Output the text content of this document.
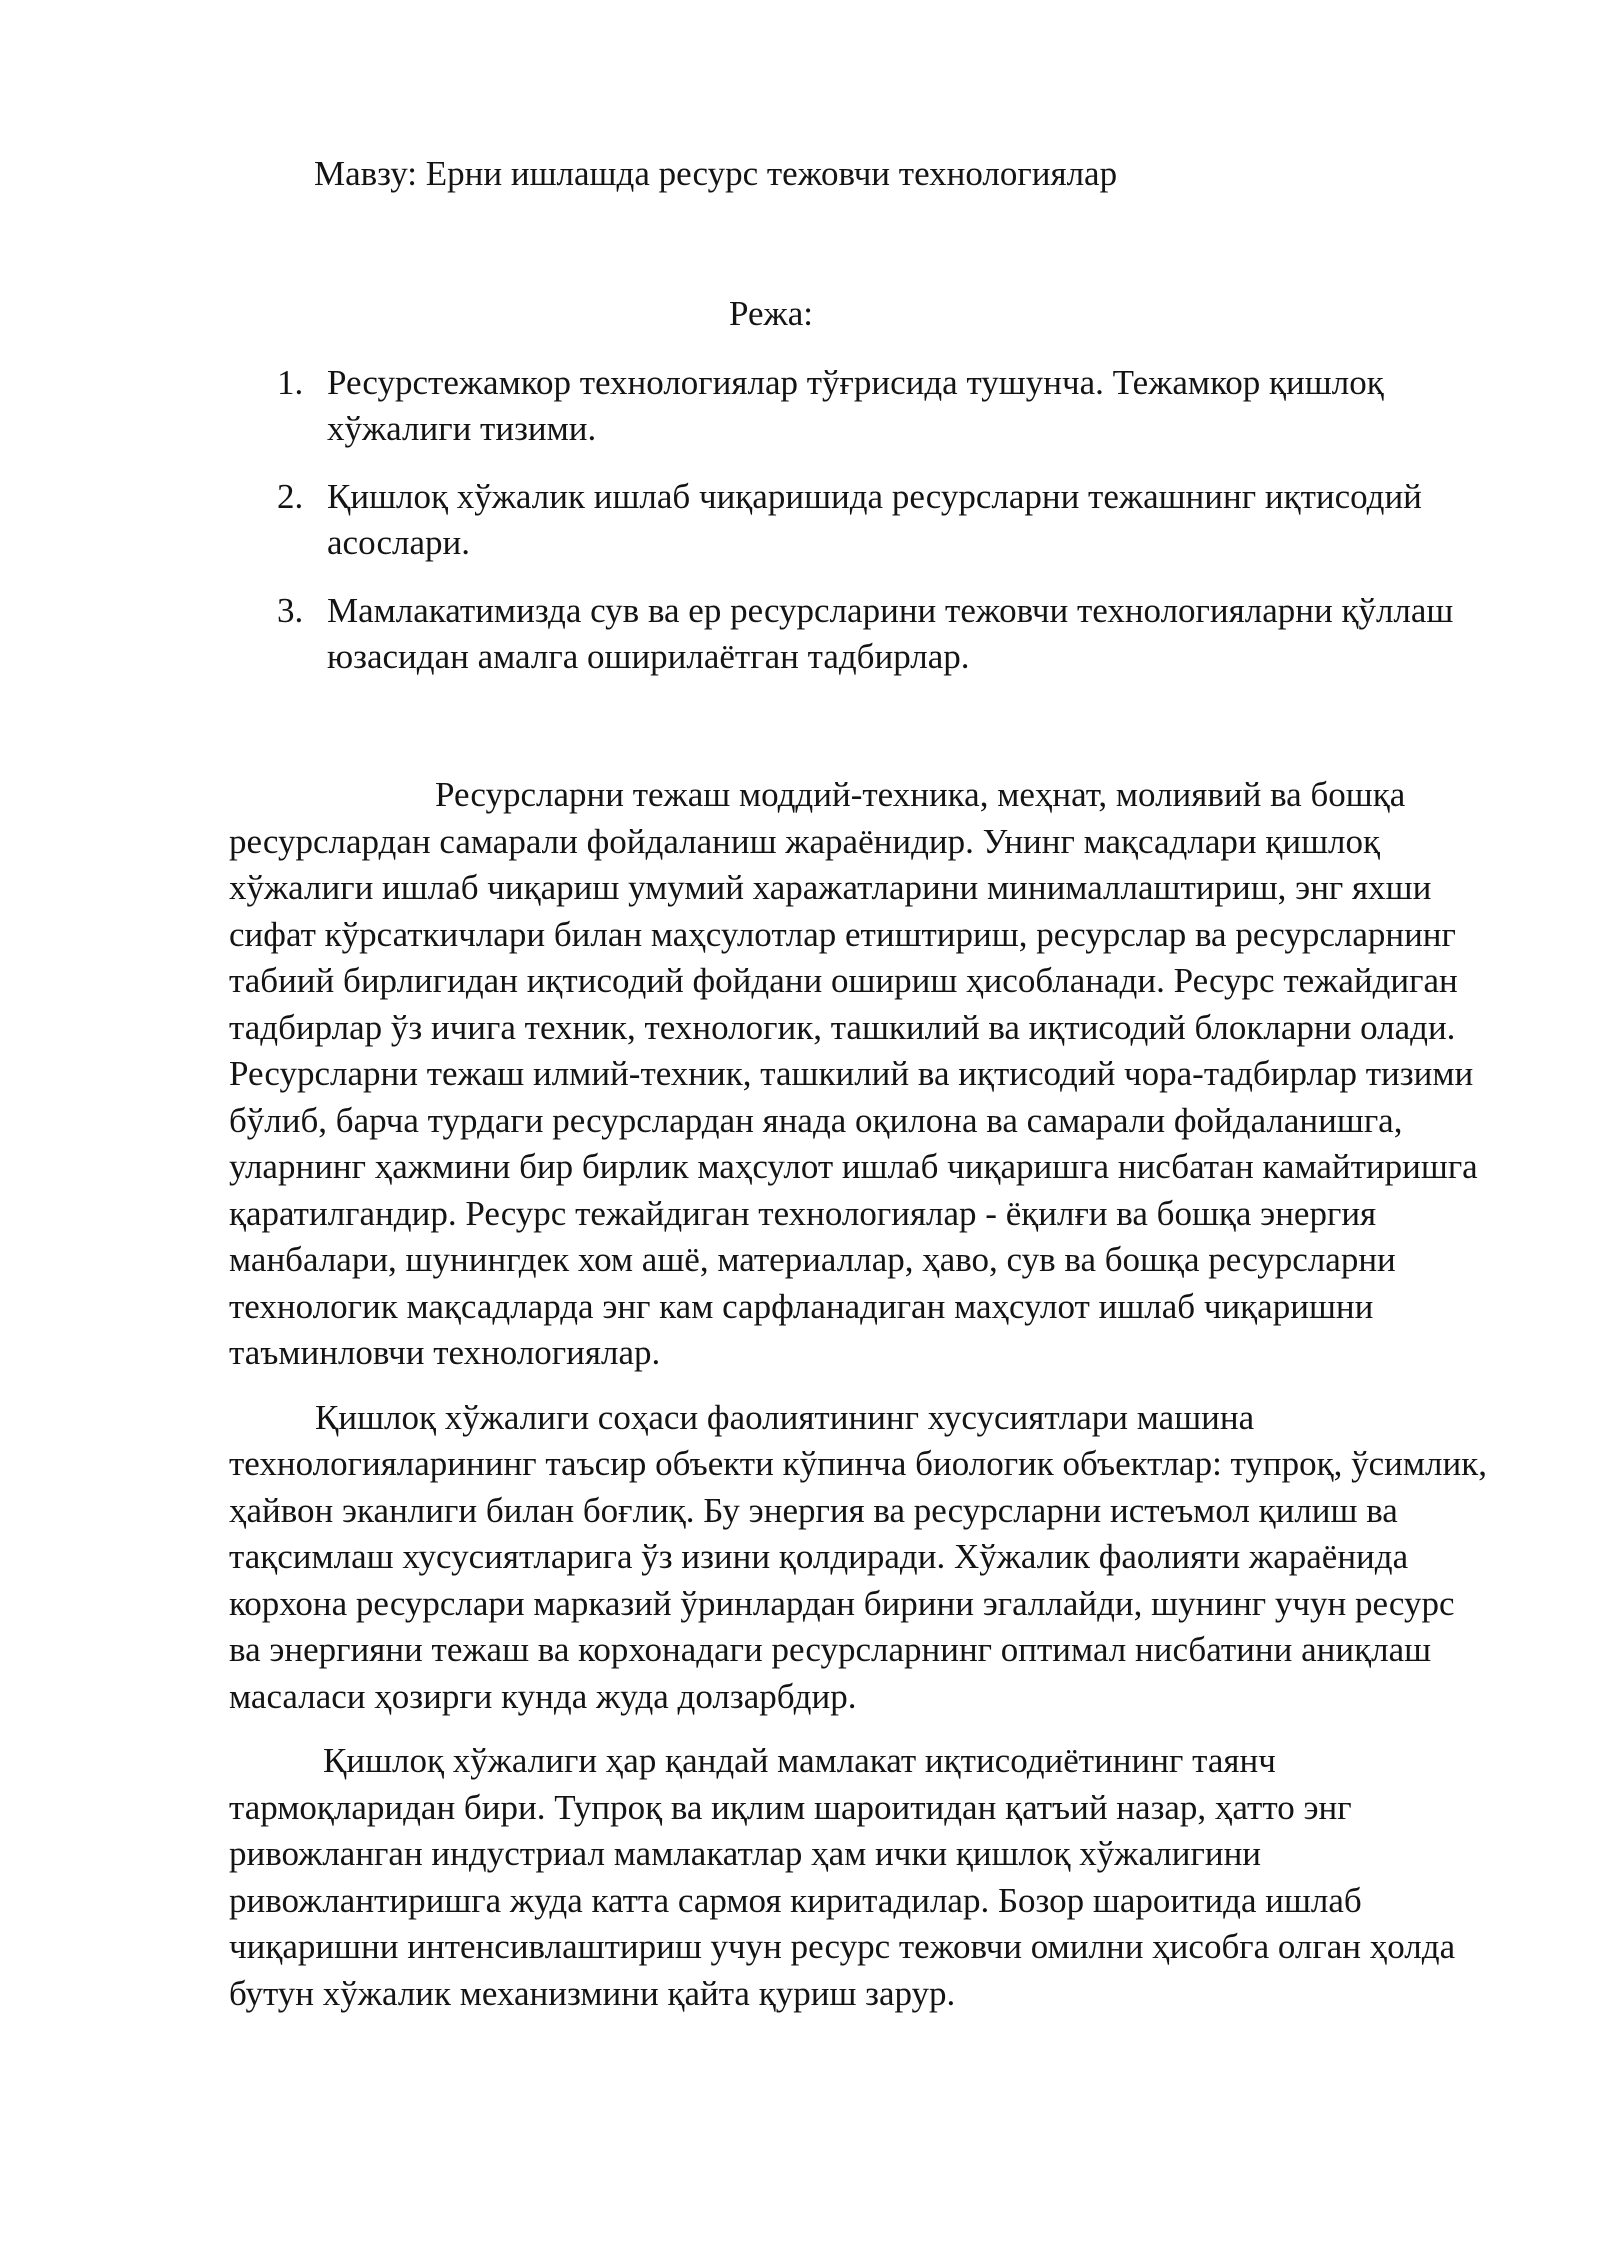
Мавзу: Ерни ишлашда ресурс тежовчи технологиялар
Режа:
1. Ресурстежамкор технологиялар тўғрисида тушунча. Тежамкор қишлоқ хўжалиги тизими.
2. Қишлоқ хўжалик ишлаб чиқаришида ресурсларни тежашнинг иқтисодий асослари.
3. Мамлакатимизда сув ва ер ресурсларини тежовчи технологияларни қўллаш юзасидан амалга оширилаётган тадбирлар.

Ресурсларни тежаш моддий-техника, меҳнат, молиявий ва бошқа ресурслардан самарали фойдаланиш жараёнидир. Унинг мақсадлари қишлоқ хўжалиги ишлаб чиқариш умумий харажатларини минималлаштириш, энг яхши сифат кўрсаткичлари билан маҳсулотлар етиштириш, ресурслар ва ресурсларнинг табиий бирлигидан иқтисодий фойдани ошириш ҳисобланади. Ресурс тежайдиган тадбирлар ўз ичига техник, технологик, ташкилий ва иқтисодий блокларни олади. Ресурсларни тежаш илмий-техник, ташкилий ва иқтисодий чора-тадбирлар тизими бўлиб, барча турдаги ресурслардан янада оқилона ва самарали фойдаланишга, уларнинг ҳажмини бир бирлик маҳсулот ишлаб чиқаришга нисбатан камайтиришга қаратилгандир. Ресурс тежайдиган технологиялар - ёқилғи ва бошқа энергия манбалари, шунингдек хом ашё, материаллар, ҳаво, сув ва бошқа ресурсларни технологик мақсадларда энг кам сарфланадиган маҳсулот ишлаб чиқаришни таъминловчи технологиялар.

Қишлоқ хўжалиги соҳаси фаолиятининг хусусиятлари машина технологияларининг таъсир объекти кўпинча биологик объектлар: тупроқ, ўсимлик, ҳайвон эканлиги билан боғлиқ. Бу энергия ва ресурсларни истеъмол қилиш ва тақсимлаш хусусиятларига ўз изини қолдиради. Хўжалик фаолияти жараёнида корхона ресурслари марказий ўринлардан бирини эгаллайди, шунинг учун ресурс ва энергияни тежаш ва корхонадаги ресурсларнинг оптимал нисбатини аниқлаш масаласи ҳозирги кунда жуда долзарбдир.

Қишлоқ хўжалиги ҳар қандай мамлакат иқтисодиётининг таянч тармоқларидан бири. Тупроқ ва иқлим шароитидан қатъий назар, ҳатто энг ривожланган индустриал мамлакатлар ҳам ички қишлоқ хўжалигини ривожлантиришга жуда катта сармоя киритадилар. Бозор шароитида ишлаб чиқаришни интенсивлаштириш учун ресурс тежовчи омилни ҳисобга олган ҳолда бутун хўжалик механизмини қайта қуриш зарур.
